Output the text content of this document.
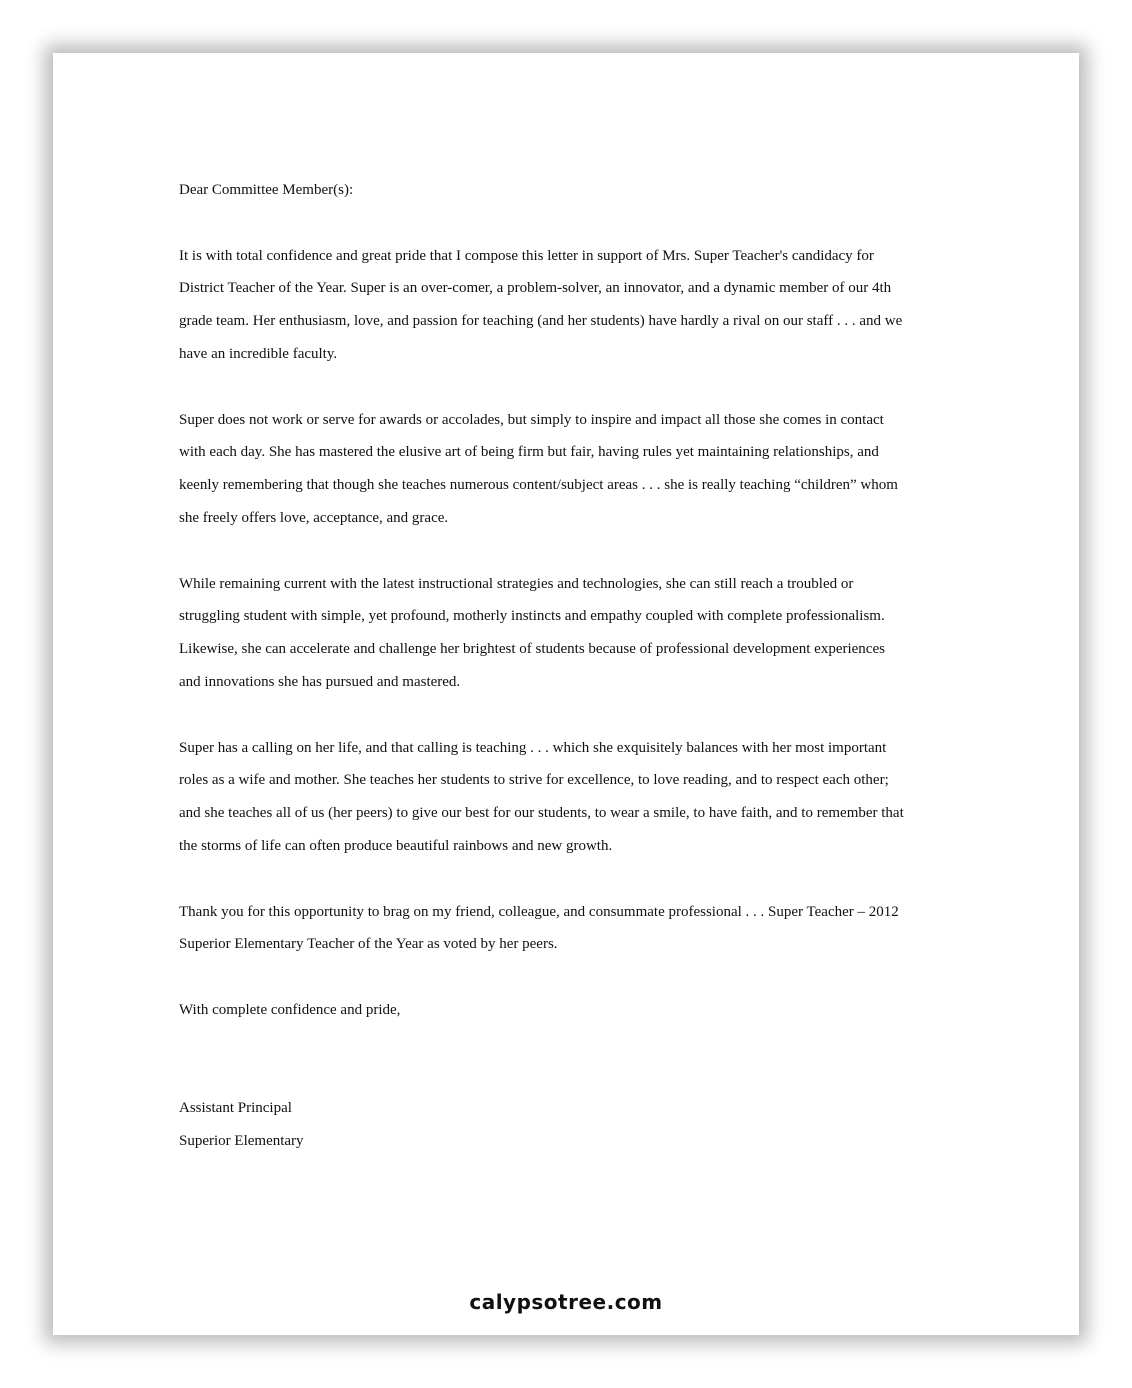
Dear Committee Member(s):
It is with total confidence and great pride that I compose this letter in support of Mrs. Super Teacher's candidacy for
District Teacher of the Year. Super is an over-comer, a problem-solver, an innovator, and a dynamic member of our 4th
grade team. Her enthusiasm, love, and passion for teaching (and her students) have hardly a rival on our staff . . . and we
have an incredible faculty.
Super does not work or serve for awards or accolades, but simply to inspire and impact all those she comes in contact
with each day. She has mastered the elusive art of being firm but fair, having rules yet maintaining relationships, and
keenly remembering that though she teaches numerous content/subject areas . . . she is really teaching “children” whom
she freely offers love, acceptance, and grace.
While remaining current with the latest instructional strategies and technologies, she can still reach a troubled or
struggling student with simple, yet profound, motherly instincts and empathy coupled with complete professionalism.
Likewise, she can accelerate and challenge her brightest of students because of professional development experiences
and innovations she has pursued and mastered.
Super has a calling on her life, and that calling is teaching . . . which she exquisitely balances with her most important
roles as a wife and mother. She teaches her students to strive for excellence, to love reading, and to respect each other;
and she teaches all of us (her peers) to give our best for our students, to wear a smile, to have faith, and to remember that
the storms of life can often produce beautiful rainbows and new growth.
Thank you for this opportunity to brag on my friend, colleague, and consummate professional . . . Super Teacher – 2012
Superior Elementary Teacher of the Year as voted by her peers.
With complete confidence and pride,
Assistant Principal
Superior Elementary
calypsotree.com
